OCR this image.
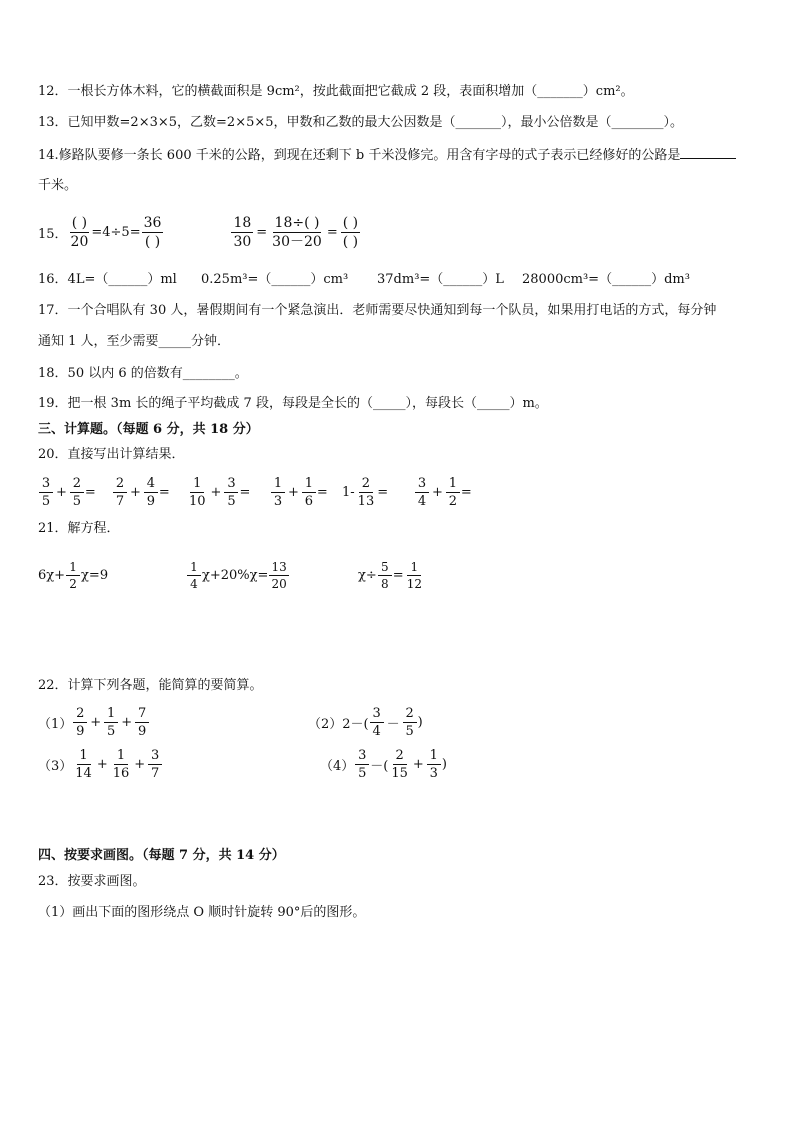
12．一根长方体木料，它的横截面积是 9cm²，按此截面把它截成 2 段，表面积增加（_______）cm²。
13．已知甲数=2×3×5，乙数=2×5×5，甲数和乙数的最大公因数是（_______），最小公倍数是（________）。
14.修路队要修一条长 600 千米的公路，到现在还剩下 b 千米没修完。用含有字母的式子表示已经修好的公路是
千米。
15． $\frac{( )}{20} =4\div 5= \frac{36}{( )}$	$\frac{18}{30} = \frac{18\div( )}{30-20} = \frac{( )}{( )}$
16．4L=（______）ml 0.25m³=（______）cm³ 37dm³=（______）L 28000cm³=（______）dm³
17．一个合唱队有 30 人，暑假期间有一个紧急演出．老师需要尽快通知到每一个队员，如果用打电话的方式，每分钟
通知 1 人，至少需要_____分钟．
18．50 以内 6 的倍数有________。
19．把一根 3m 长的绳子平均截成 7 段，每段是全长的（_____），每段长（_____）m。
三、计算题。（每题 6 分，共 18 分）
20．直接写出计算结果．
$\frac{3}{5} + \frac{2}{5} = \frac{2}{7} + \frac{4}{9} = \frac{1}{10} + \frac{3}{5} = \frac{1}{3} + \frac{1}{6} = 1- \frac{2}{13} = \frac{3}{4} + \frac{1}{2}$ =
21．解方程．
$6\chi+ \frac{1}{2} \chi=9$	$\frac{1}{4} \chi+20\%\chi= \frac{13}{20}$	$\chi\div \frac{5}{8} = \frac{1}{12}$
22．计算下列各题，能简算的要简算。
$(1) \frac{2}{9} + \frac{1}{5} + \frac{7}{9}$	（2） $2-( \frac{3}{4} - \frac{2}{5}$ )
$(3) \frac{1}{14} + \frac{1}{16} + \frac{3}{7}$	$(4) \frac{3}{5}$ －( $\frac{2}{15} + \frac{1}{3}$ )
四、按要求画图。（每题 7 分，共 14 分）
23．按要求画图。
（1）画出下面的图形绕点 O 顺时针旋转 90°后的图形。
